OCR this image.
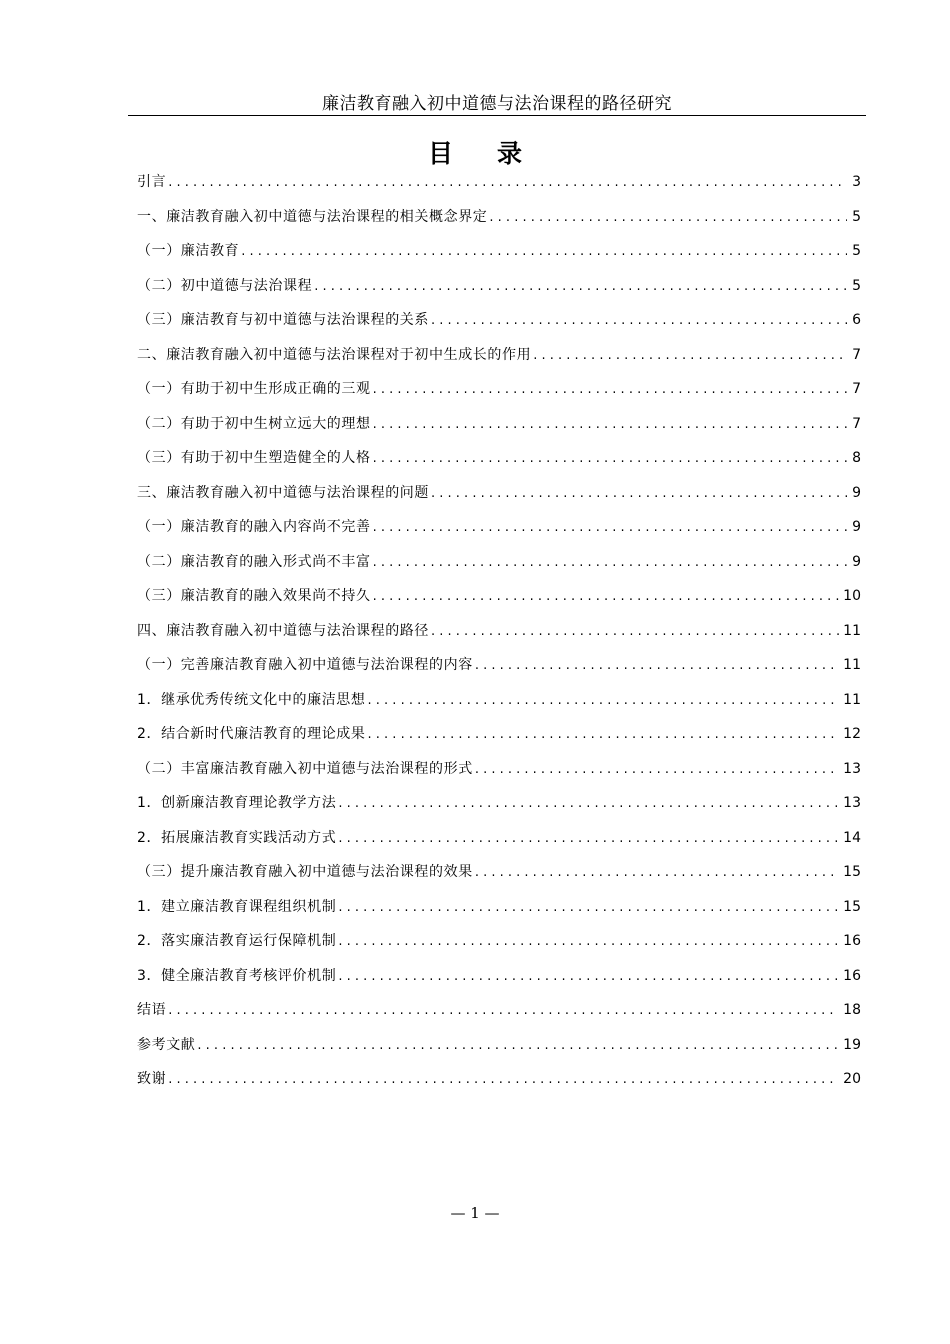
廉洁教育融入初中道德与法治课程的路径研究
目 录
引言 . . .	3
一、廉洁教育融入初中道德与法治课程的相关概念界定 . . .	5
（一）廉洁教育 . . .	5
（二）初中道德与法治课程 . . .	5
（三）廉洁教育与初中道德与法治课程的关系 . . .	6
二、廉洁教育融入初中道德与法治课程对于初中生成长的作用 . . .	7
（一）有助于初中生形成正确的三观 . . .	7
（二）有助于初中生树立远大的理想 . . .	7
（三）有助于初中生塑造健全的人格 . . .	8
三、廉洁教育融入初中道德与法治课程的问题 . . .	9
（一）廉洁教育的融入内容尚不完善 . . .	9
（二）廉洁教育的融入形式尚不丰富 . . .	9
（三）廉洁教育的融入效果尚不持久 . . .	10
四、廉洁教育融入初中道德与法治课程的路径 . . .	11
（一）完善廉洁教育融入初中道德与法治课程的内容 . . .	11
1．继承优秀传统文化中的廉洁思想 . . .	11
2．结合新时代廉洁教育的理论成果 . . .	12
（二）丰富廉洁教育融入初中道德与法治课程的形式 . . .	13
1．创新廉洁教育理论教学方法 . . .	13
2．拓展廉洁教育实践活动方式 . . .	14
（三）提升廉洁教育融入初中道德与法治课程的效果 . . .	15
1．建立廉洁教育课程组织机制 . . .	15
2．落实廉洁教育运行保障机制 . . .	16
3．健全廉洁教育考核评价机制 . . .	16
结语 . . .	18
参考文献 . . .	19
致谢 . . .	20
— 1 —
